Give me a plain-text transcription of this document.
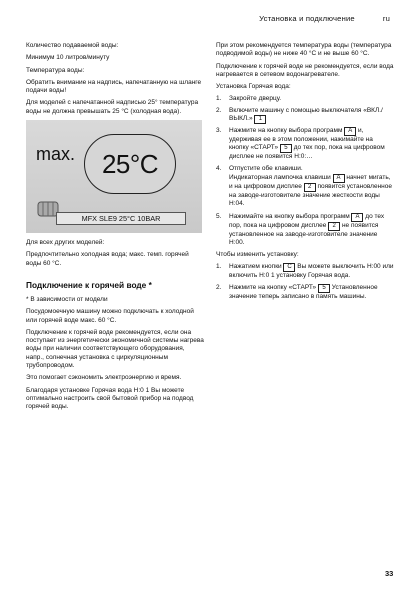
Установка и подключение	ru

Количество подаваемой воды:

Минимум 10 литров/минуту

Температура воды:

Обратить внимание на надпись, напечатанную на шланге подачи воды!

Для моделей с напечатанной надписью 25° температура воды не должна превышать 25 °C (холодная вода).

max. 25°C
MFX SLE9 25°C 10BAR

Для всех других моделей:

Предпочтительно холодная вода; макс. темп. горячей воды 60 °C.

Подключение к горячей воде *

* В зависимости от модели

Посудомоечную машину можно подключать к холодной или горячей воде макс. 60 °C.

Подключение к горячей воде рекомендуется, если она поступает из энергетически экономичной системы нагрева воды при наличии соответствующего оборудования, напр., солнечная установка с циркуляционным трубопроводом.

Это помогает сэкономить электроэнергию и время.

Благодаря установке Горячая вода Н:0 1 Вы можете оптимально настроить свой бытовой прибор на подвод горячей воды.

При этом рекомендуется температура воды (температура подводимой воды) не ниже 40 °C и не выше 60 °C.

Подключение к горячей воде не рекомендуется, если вода нагревается в сетевом водонагревателе.

Установка Горячая вода:

1.	Закройте дверцу.
2.	Включите машину с помощью выключателя «ВКЛ./ВЫКЛ.» 1
3.	Нажмите на кнопку выбора программ A и, удерживая ее в этом положении, нажимайте на кнопку «СТАРТ» 5 до тех пор, пока на цифровом дисплее не появится Н:0:…
4.	Отпустите обе клавиши.

Индикаторная лампочка клавиши A начнет мигать, и на цифровом дисплее 2 появится установленное на заводе-изготовителе значение жесткости воды Н:04.

5.	Нажимайте на кнопку выбора программ A до тех пор, пока на цифровом дисплее 2 не появится установленное на заводе-изготовителе значение Н:00.

Чтобы изменить установку:

1.	Нажатием кнопки C Вы можете выключить Н:00 или включить Н:0 1 установку Горячая вода.
2.	Нажмите на кнопку «СТАРТ» 5 Установленное значение теперь записано в память машины.
33
